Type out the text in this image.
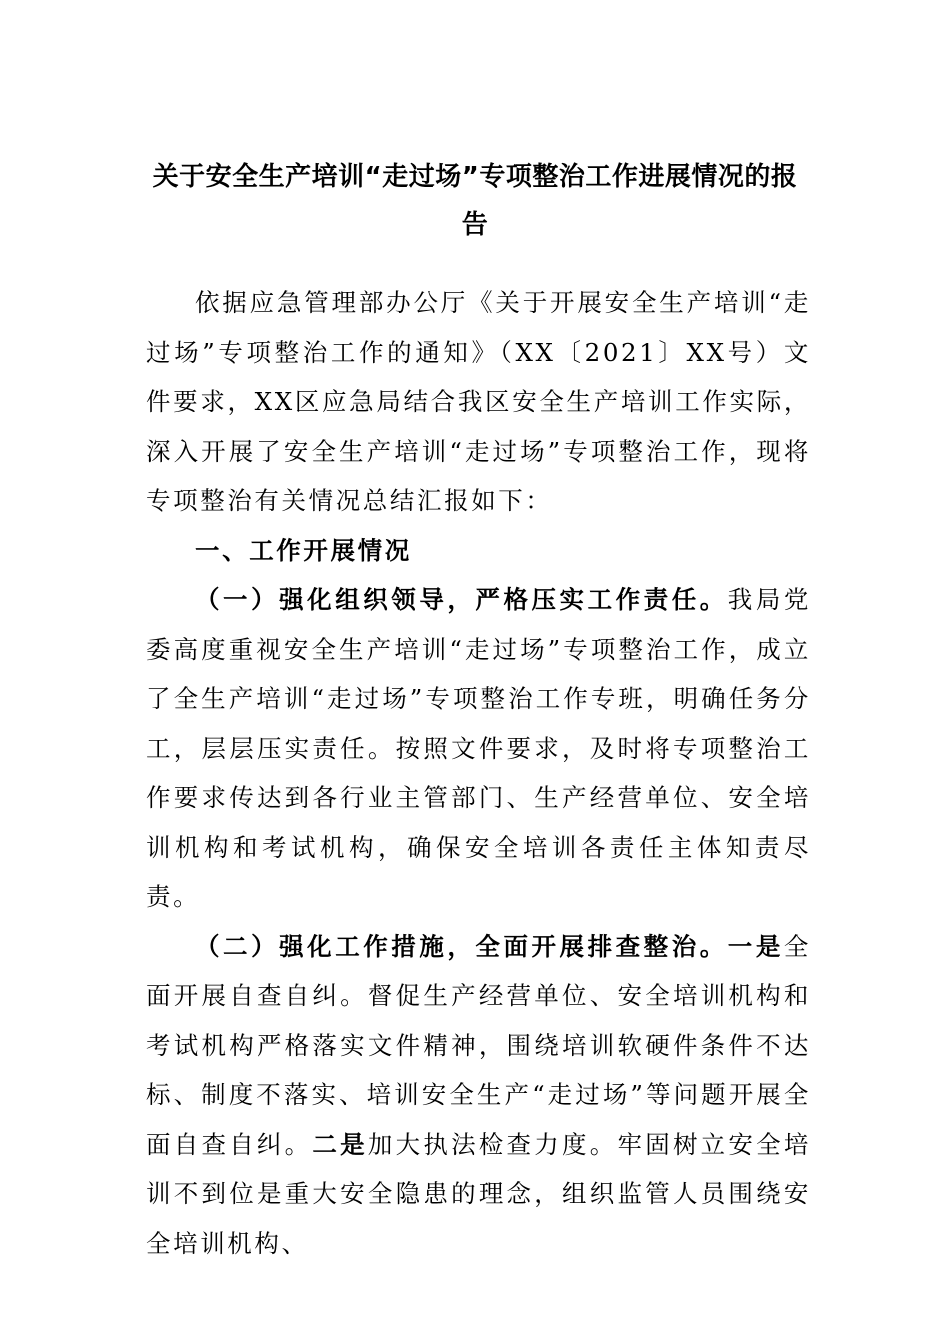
关于安全生产培训“走过场”专项整治工作进展情况的报告

依据应急管理部办公厅《关于开展安全生产培训“走过场”专项整治工作的通知》（XX〔2021〕XX号）文件要求，XX区应急局结合我区安全生产培训工作实际，深入开展了安全生产培训“走过场”专项整治工作，现将专项整治有关情况总结汇报如下：

一、工作开展情况

（一）强化组织领导，严格压实工作责任。我局党委高度重视安全生产培训“走过场”专项整治工作，成立了全生产培训“走过场”专项整治工作专班，明确任务分工，层层压实责任。按照文件要求，及时将专项整治工作要求传达到各行业主管部门、生产经营单位、安全培训机构和考试机构，确保安全培训各责任主体知责尽责。

（二）强化工作措施，全面开展排查整治。一是全面开展自查自纠。督促生产经营单位、安全培训机构和考试机构严格落实文件精神，围绕培训软硬件条件不达标、制度不落实、培训安全生产“走过场”等问题开展全面自查自纠。二是加大执法检查力度。牢固树立安全培训不到位是重大安全隐患的理念，组织监管人员围绕安全培训机构、
